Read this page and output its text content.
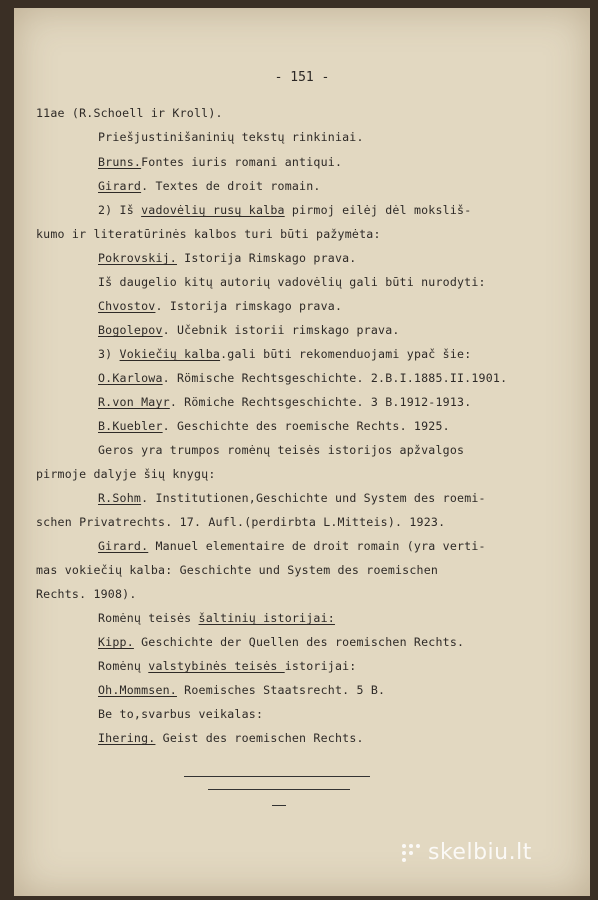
- 151 -
11ae (R.Schoell ir Kroll).
Priešjustinišaninių tekstų rinkiniai.
Bruns.Fontes iuris romani antiqui.
Girard. Textes de droit romain.
2) Iš vadovėlių rusų kalba pirmoj eilėj dėl moksliš-
kumo ir literatūrinės kalbos turi būti pažymėta:
Pokrovskij. Istorija Rimskago prava.
Iš daugelio kitų autorių vadovėlių gali būti nurodyti:
Chvostov. Istorija rimskago prava.
Bogolepov. Učebnik istorii rimskago prava.
3) Vokiečių kalba.gali būti rekomenduojami ypač šie:
O.Karlowa. Römische Rechtsgeschichte. 2.B.I.1885.II.1901.
R.von Mayr. Römiche Rechtsgeschichte. 3 B.1912-1913.
B.Kuebler. Geschichte des roemische Rechts. 1925.
Geros yra trumpos romėnų teisės istorijos apžvalgos
pirmoje dalyje šių knygų:
R.Sohm. Institutionen,Geschichte und System des roemi-
schen Privatrechts. 17. Aufl.(perdirbta L.Mitteis). 1923.
Girard. Manuel elementaire de droit romain (yra verti-
mas vokiečių kalba: Geschichte und System des roemischen
Rechts. 1908).
Romėnų teisės šaltinių istorijai:
Kipp. Geschichte der Quellen des roemischen Rechts.
Romėnų valstybinės teisės istorijai:
Oh.Mommsen. Roemisches Staatsrecht. 5 B.
Be to,svarbus veikalas:
Ihering. Geist des roemischen Rechts.
skelbiu.lt
